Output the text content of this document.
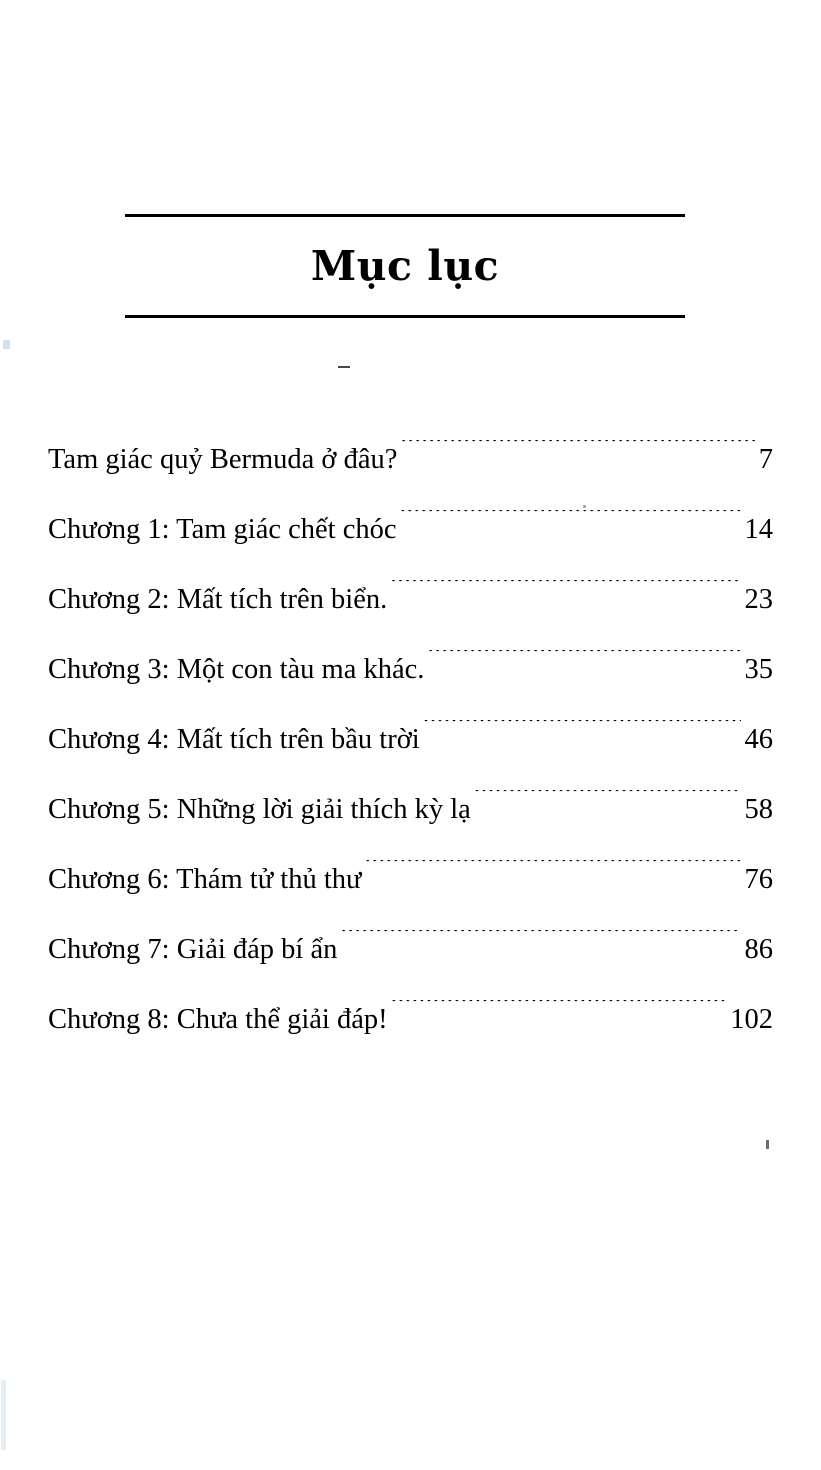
Mục lục
Tam giác quỷ Bermuda ở đâu? .....	7
Chương 1: Tam giác chết chóc .....	14
Chương 2: Mất tích trên biển. .....	23
Chương 3: Một con tàu ma khác. .....	35
Chương 4: Mất tích trên bầu trời .....	46
Chương 5: Những lời giải thích kỳ lạ .....	58
Chương 6: Thám tử thủ thư .....	76
Chương 7: Giải đáp bí ẩn .....	86
Chương 8: Chưa thể giải đáp! .....	102
